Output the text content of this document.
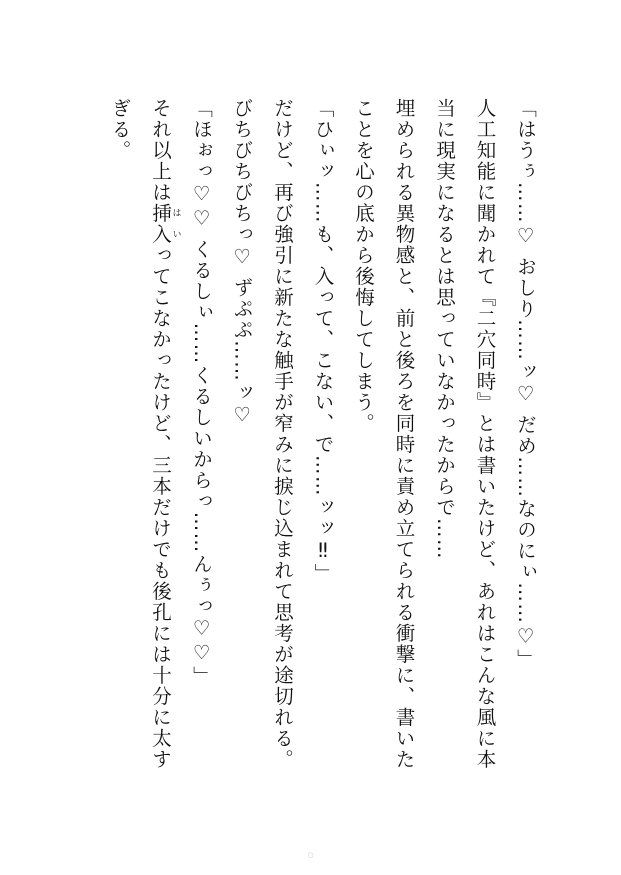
「はうぅ……♡ おしり……ッ♡ だめ……なのにぃ……♡」

人工知能に聞かれて『二穴同時』とは書いたけど、あれはこんな風に本

当に現実になるとは思っていなかったからで……

埋められる異物感と、前と後ろを同時に責め立てられる衝撃に、書いた

ことを心の底から後悔してしまう。

「ひぃッ……も、入って、こない、で……ッッ‼」

だけど、再び強引に新たな触手が窄みに捩じ込まれて思考が途切れる。

びちびちびちっ♡ ずぷぷ……ッ♡

「ほぉっ♡♡ くるしぃ……くるしいからっ……んぅっ♡♡」

それ以上は挿入はいってこなかったけど、三本だけでも後孔には十分に太す

ぎる。

○
